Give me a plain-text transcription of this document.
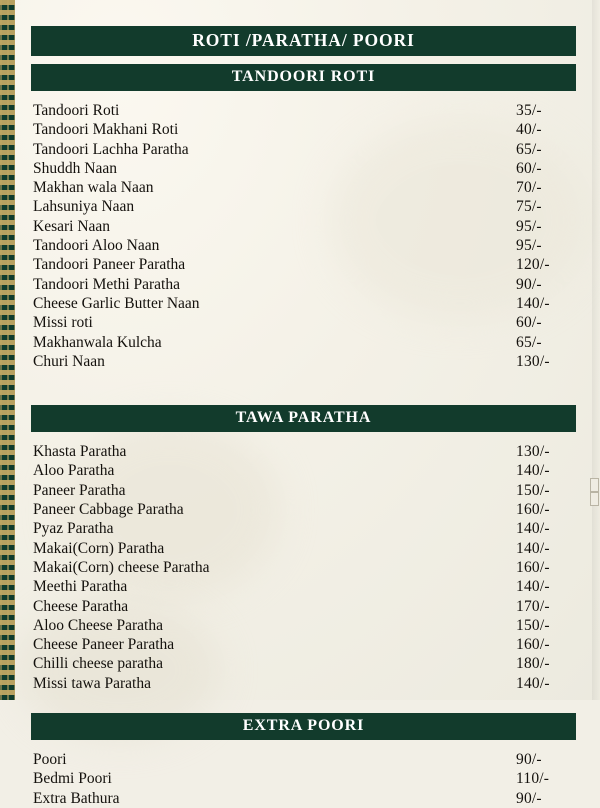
ROTI /PARATHA/ POORI
TANDOORI ROTI
Tandoori Roti	35/-
Tandoori Makhani Roti	40/-
Tandoori Lachha Paratha	65/-
Shuddh Naan	60/-
Makhan wala Naan	70/-
Lahsuniya Naan	75/-
Kesari Naan	95/-
Tandoori Aloo Naan	95/-
Tandoori Paneer Paratha	120/-
Tandoori Methi Paratha	90/-
Cheese Garlic Butter Naan	140/-
Missi roti	60/-
Makhanwala Kulcha	65/-
Churi Naan	130/-
TAWA PARATHA
Khasta Paratha	130/-
Aloo Paratha	140/-
Paneer Paratha	150/-
Paneer Cabbage Paratha	160/-
Pyaz Paratha	140/-
Makai(Corn) Paratha	140/-
Makai(Corn) cheese Paratha	160/-
Meethi Paratha	140/-
Cheese Paratha	170/-
Aloo Cheese Paratha	150/-
Cheese Paneer Paratha	160/-
Chilli cheese paratha	180/-
Missi tawa Paratha	140/-
EXTRA POORI
Poori	90/-
Bedmi Poori	110/-
Extra Bathura	90/-
